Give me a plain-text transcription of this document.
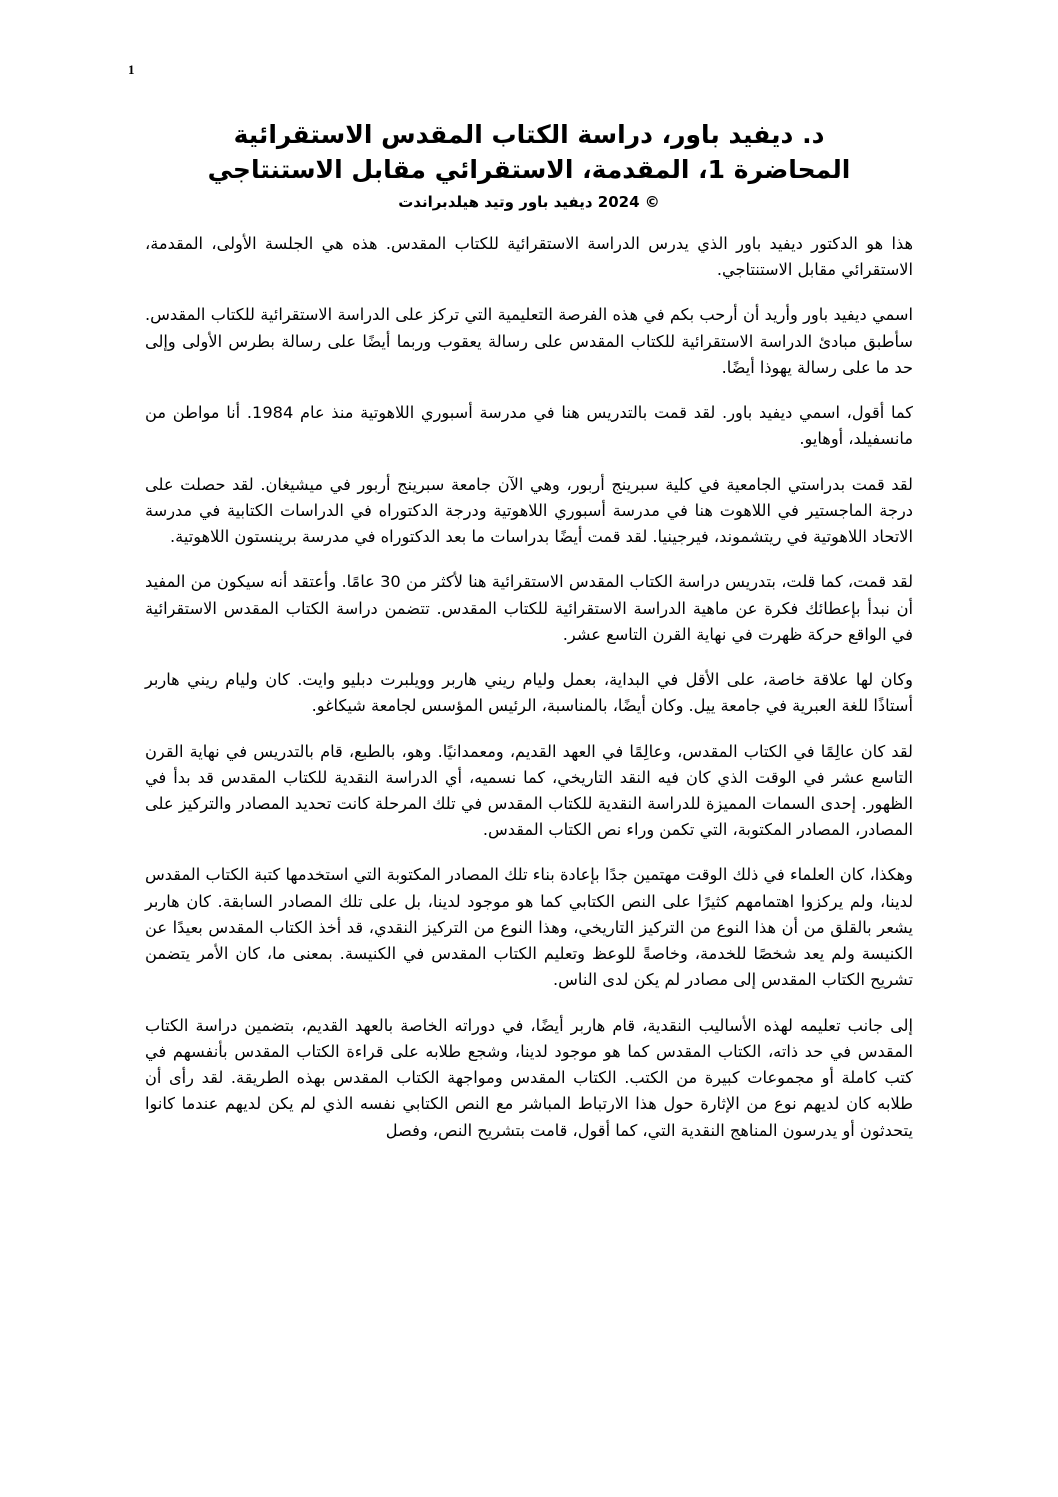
1
د. ديفيد باور، دراسة الكتاب المقدس الاستقرائية
المحاضرة 1، المقدمة، الاستقرائي مقابل الاستنتاجي
© 2024 ديفيد باور وتيد هيلدبراندت

هذا هو الدكتور ديفيد باور الذي يدرس الدراسة الاستقرائية للكتاب المقدس. هذه هي الجلسة الأولى، المقدمة، الاستقرائي مقابل الاستنتاجي.

اسمي ديفيد باور وأريد أن أرحب بكم في هذه الفرصة التعليمية التي تركز على الدراسة الاستقرائية للكتاب المقدس. سأطبق مبادئ الدراسة الاستقرائية للكتاب المقدس على رسالة يعقوب وربما أيضًا على رسالة بطرس الأولى وإلى حد ما على رسالة يهوذا أيضًا.

كما أقول، اسمي ديفيد باور. لقد قمت بالتدريس هنا في مدرسة أسبوري اللاهوتية منذ عام 1984. أنا مواطن من مانسفيلد، أوهايو.

لقد قمت بدراستي الجامعية في كلية سبرينج أربور، وهي الآن جامعة سبرينج أربور في ميشيغان. لقد حصلت على درجة الماجستير في اللاهوت هنا في مدرسة أسبوري اللاهوتية ودرجة الدكتوراه في الدراسات الكتابية في مدرسة الاتحاد اللاهوتية في ريتشموند، فيرجينيا. لقد قمت أيضًا بدراسات ما بعد الدكتوراه في مدرسة برينستون اللاهوتية.

لقد قمت، كما قلت، بتدريس دراسة الكتاب المقدس الاستقرائية هنا لأكثر من 30 عامًا. وأعتقد أنه سيكون من المفيد أن نبدأ بإعطائك فكرة عن ماهية الدراسة الاستقرائية للكتاب المقدس. تتضمن دراسة الكتاب المقدس الاستقرائية في الواقع حركة ظهرت في نهاية القرن التاسع عشر.

وكان لها علاقة خاصة، على الأقل في البداية، بعمل وليام ريني هاربر وويلبرت دبليو وايت. كان وليام ريني هاربر أستاذًا للغة العبرية في جامعة ييل. وكان أيضًا، بالمناسبة، الرئيس المؤسس لجامعة شيكاغو.

لقد كان عالِمًا في الكتاب المقدس، وعالِمًا في العهد القديم، ومعمدانيًا. وهو، بالطبع، قام بالتدريس في نهاية القرن التاسع عشر في الوقت الذي كان فيه النقد التاريخي، كما نسميه، أي الدراسة النقدية للكتاب المقدس قد بدأ في الظهور. إحدى السمات المميزة للدراسة النقدية للكتاب المقدس في تلك المرحلة كانت تحديد المصادر والتركيز على المصادر، المصادر المكتوبة، التي تكمن وراء نص الكتاب المقدس.

وهكذا، كان العلماء في ذلك الوقت مهتمين جدًا بإعادة بناء تلك المصادر المكتوبة التي استخدمها كتبة الكتاب المقدس لدينا، ولم يركزوا اهتمامهم كثيرًا على النص الكتابي كما هو موجود لدينا، بل على تلك المصادر السابقة. كان هاربر يشعر بالقلق من أن هذا النوع من التركيز التاريخي، وهذا النوع من التركيز النقدي، قد أخذ الكتاب المقدس بعيدًا عن الكنيسة ولم يعد شخصًا للخدمة، وخاصةً للوعظ وتعليم الكتاب المقدس في الكنيسة. بمعنى ما، كان الأمر يتضمن تشريح الكتاب المقدس إلى مصادر لم يكن لدى الناس.

إلى جانب تعليمه لهذه الأساليب النقدية، قام هاربر أيضًا، في دوراته الخاصة بالعهد القديم، بتضمين دراسة الكتاب المقدس في حد ذاته، الكتاب المقدس كما هو موجود لدينا، وشجع طلابه على قراءة الكتاب المقدس بأنفسهم في كتب كاملة أو مجموعات كبيرة من الكتب. الكتاب المقدس ومواجهة الكتاب المقدس بهذه الطريقة. لقد رأى أن طلابه كان لديهم نوع من الإثارة حول هذا الارتباط المباشر مع النص الكتابي نفسه الذي لم يكن لديهم عندما كانوا يتحدثون أو يدرسون المناهج النقدية التي، كما أقول، قامت بتشريح النص، وفصل
